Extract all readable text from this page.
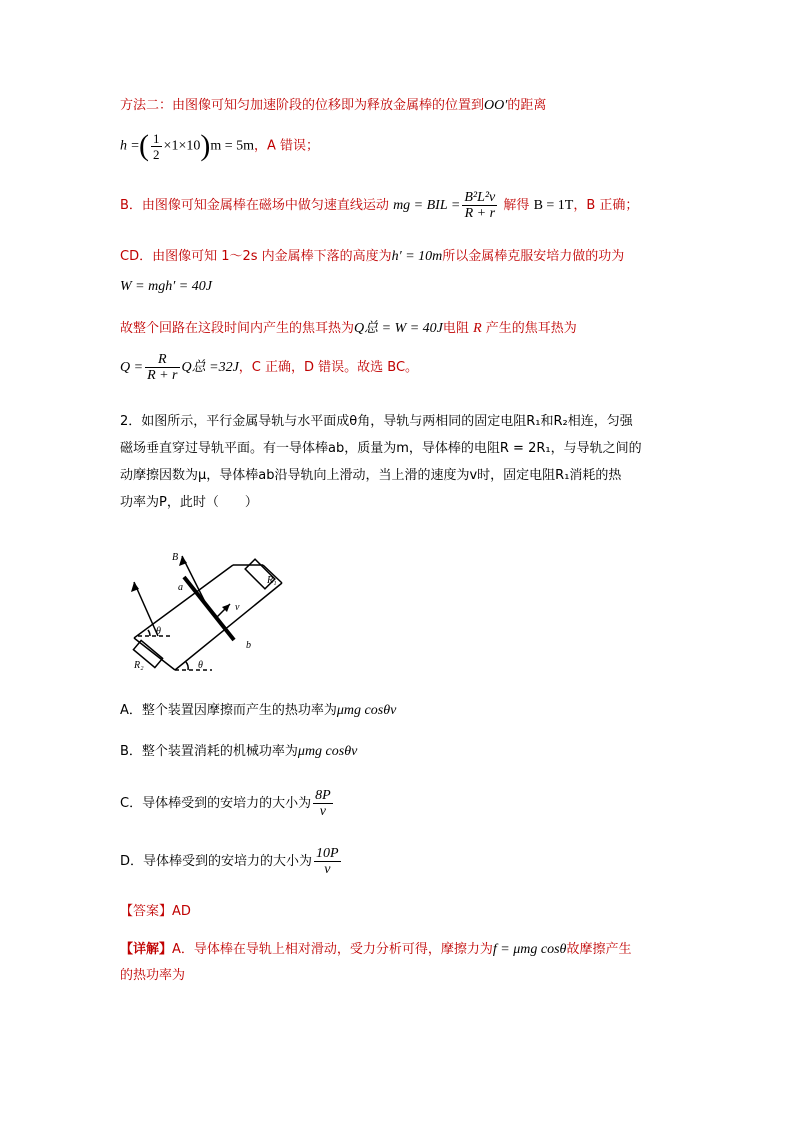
方法二：由图像可知匀加速阶段的位移即为释放金属棒的位置到OO′的距离
h =( $\frac{1}{2} \times 1\times 10)m = 5m$，A 错误；
B．由图像可知金属棒在磁场中做匀速直线运动 mg = BIL = $\frac{\text{B²L²v}}{R + r}$ 解得 B = 1T，B 正确；
CD．由图像可知 1～2s 内金属棒下落的高度为h′ = 10m所以金属棒克服安培力做的功为
W = mgh′ = 40J
故整个回路在这段时间内产生的焦耳热为Q总 = W = 40J电阻 R 产生的焦耳热为
$Q = \frac{R}{R + r}$ Q总 =32J，C 正确，D 错误。故选 BC。
2．如图所示，平行金属导轨与水平面成θ角，导轨与两相同的固定电阻R₁和R₂相连，匀强
磁场垂直穿过导轨平面。有一导体棒ab，质量为m，导体棒的电阻R = 2R₁，与导轨之间的
动摩擦因数为μ，导体棒ab沿导轨向上滑动，当上滑的速度为v时，固定电阻R₁消耗的热
功率为P，此时（　　）
B
a
b
v
R₁
R₂
θ
θ
A．整个装置因摩擦而产生的热功率为μmg cosθv
B．整个装置消耗的机械功率为μmg cosθv
C．导体棒受到的安培力的大小为 $\frac{8P}{v}$
D．导体棒受到的安培力的大小为 $\frac{10P}{v}$
【答案】AD
【详解】A．导体棒在导轨上相对滑动，受力分析可得，摩擦力为f = μmg cosθ故摩擦产生
的热功率为
